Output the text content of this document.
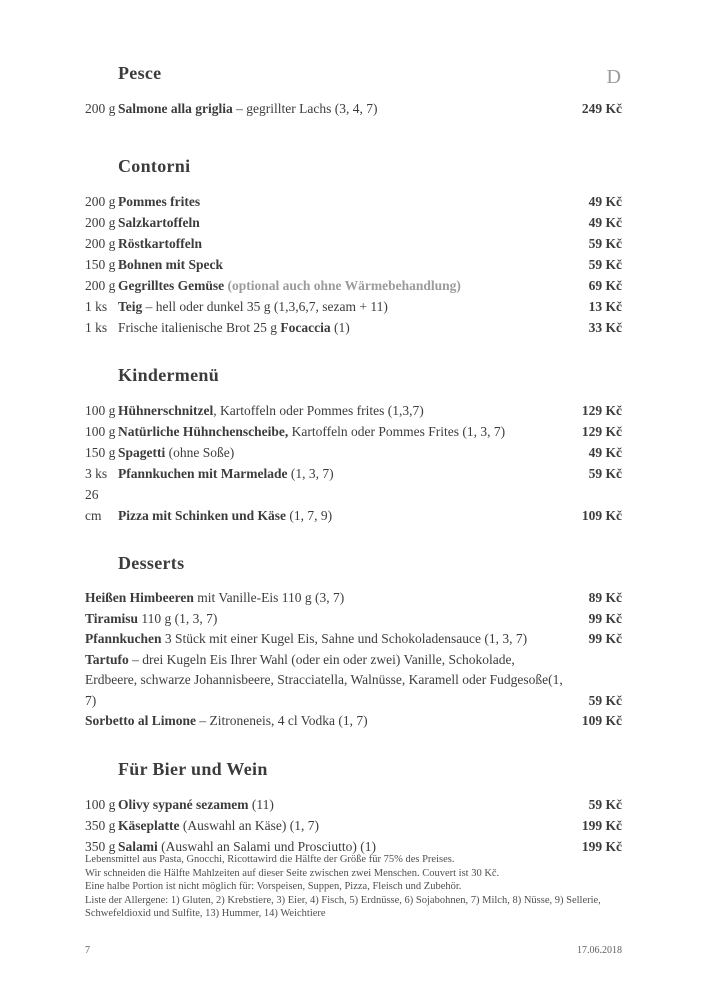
D
Pesce
200 g Salmone alla griglia – gegrillter Lachs (3, 4, 7)	249 Kč
Contorni
200 g Pommes frites	49 Kč
200 g Salzkartoffeln	49 Kč
200 g Röstkartoffeln	59 Kč
150 g Bohnen mit Speck	59 Kč
200 g Gegrilltes Gemüse (optional auch ohne Wärmebehandlung)	69 Kč
1 ks Teig – hell oder dunkel 35 g (1,3,6,7, sezam + 11)	13 Kč
1 ks Frische italienische Brot 25 g Focaccia (1)	33 Kč
Kindermenü
100 g Hühnerschnitzel, Kartoffeln oder Pommes frites (1,3,7)	129 Kč
100 g Natürliche Hühnchenscheibe, Kartoffeln oder Pommes Frites (1, 3, 7)	129 Kč
150 g Spagetti (ohne Soße)	49 Kč
3 ks Pfannkuchen mit Marmelade (1, 3, 7)	59 Kč
26 cm Pizza mit Schinken und Käse (1, 7, 9)	109 Kč
Desserts
Heißen Himbeeren mit Vanille-Eis 110 g (3, 7)	89 Kč
Tiramisu 110 g (1, 3, 7)	99 Kč
Pfannkuchen 3 Stück mit einer Kugel Eis, Sahne und Schokoladensauce (1, 3, 7)	99 Kč
Tartufo – drei Kugeln Eis Ihrer Wahl (oder ein oder zwei) Vanille, Schokolade, Erdbeere, schwarze Johannisbeere, Stracciatella, Walnüsse, Karamell oder Fudgesoße(1, 7)	59 Kč
Sorbetto al Limone – Zitroneneis, 4 cl Vodka (1, 7)	109 Kč
Für Bier und Wein
100 g Olivy sypané sezamem (11)	59 Kč
350 g Käseplatte (Auswahl an Käse) (1, 7)	199 Kč
350 g Salami (Auswahl an Salami und Prosciutto) (1)	199 Kč
Lebensmittel aus Pasta, Gnocchi, Ricottawird die Hälfte der Größe für 75% des Preises.
Wir schneiden die Hälfte Mahlzeiten auf dieser Seite zwischen zwei Menschen. Couvert ist 30 Kč.
Eine halbe Portion ist nicht möglich für: Vorspeisen, Suppen, Pizza, Fleisch und Zubehör.
Liste der Allergene: 1) Gluten, 2) Krebstiere, 3) Eier, 4) Fisch, 5) Erdnüsse, 6) Sojabohnen, 7) Milch, 8) Nüsse, 9) Sellerie,
Schwefeldioxid und Sulfite, 13) Hummer, 14) Weichtiere
7	17.06.2018
